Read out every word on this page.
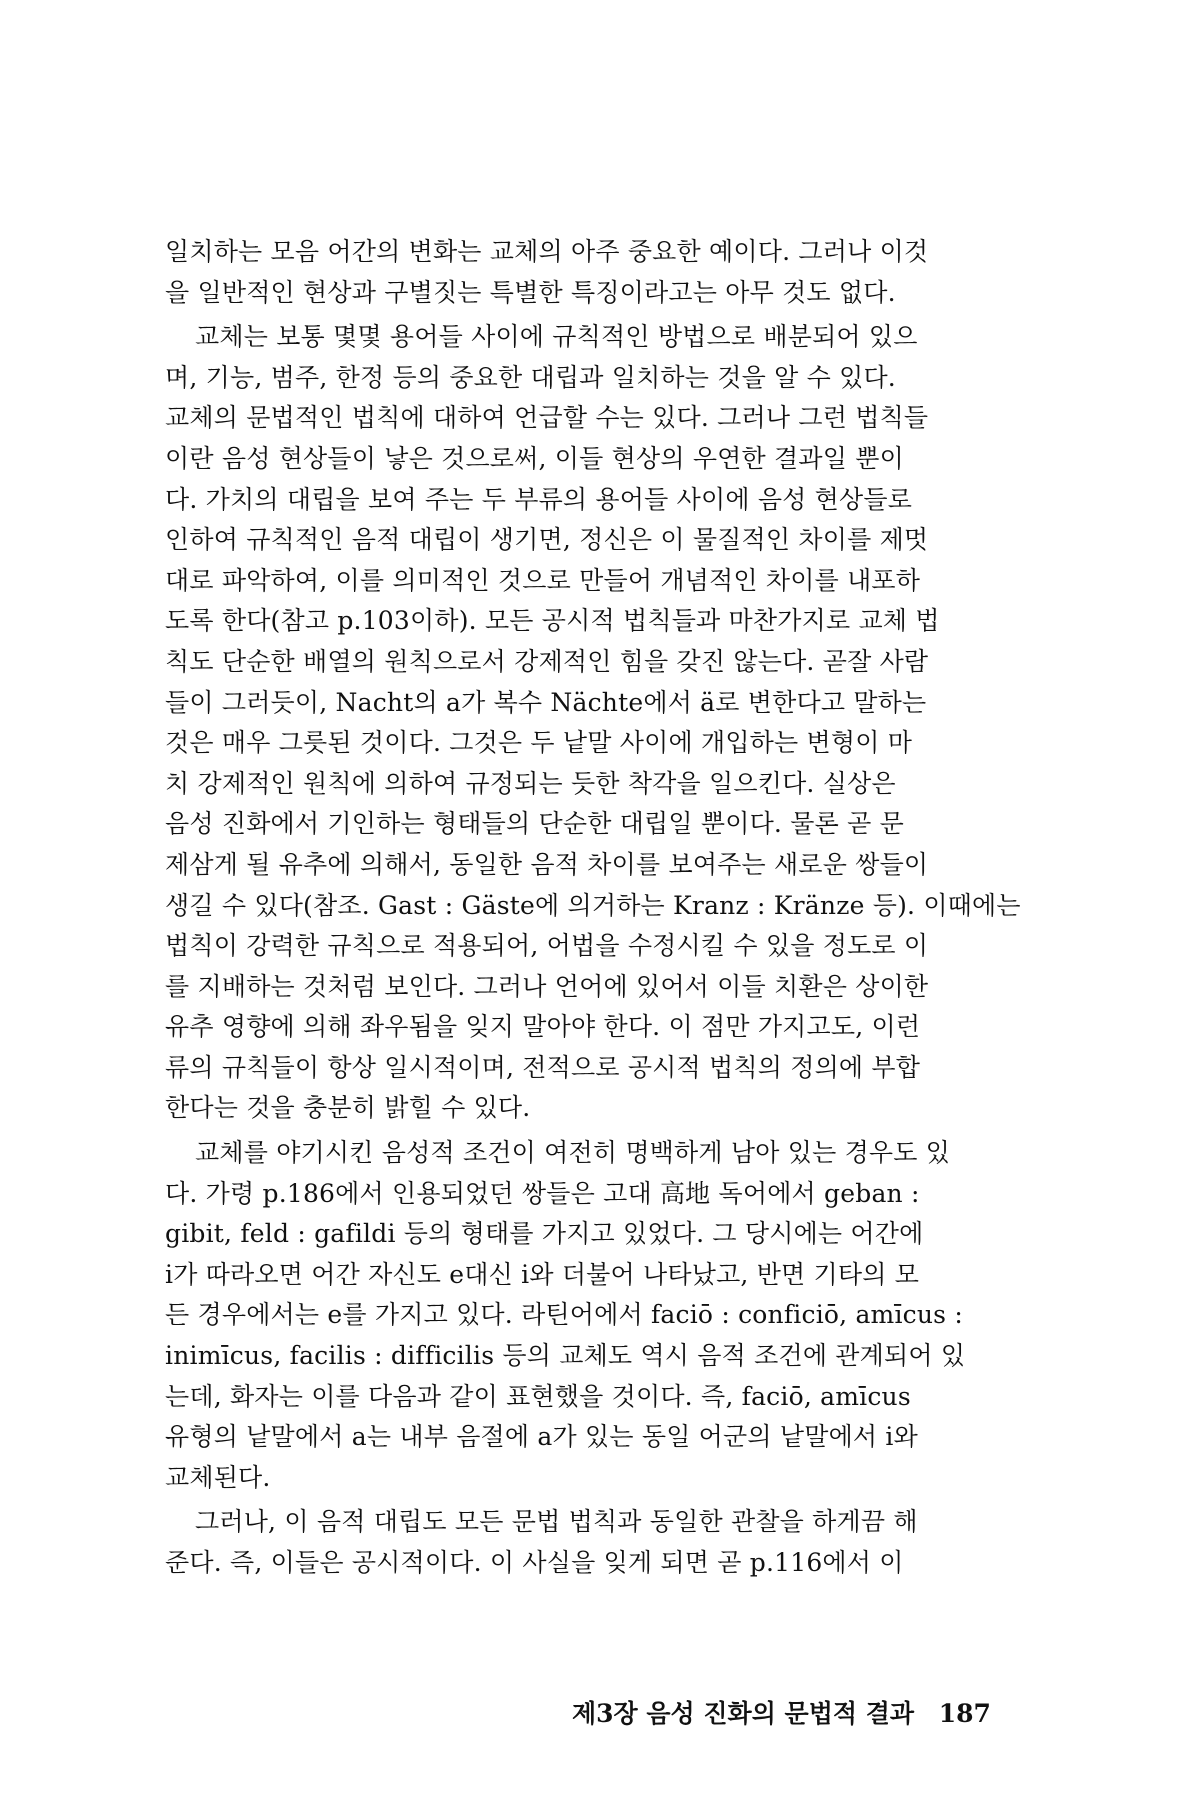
일치하는 모음 어간의 변화는 교체의 아주 중요한 예이다. 그러나 이것
을 일반적인 현상과 구별짓는 특별한 특징이라고는 아무 것도 없다.

교체는 보통 몇몇 용어들 사이에 규칙적인 방법으로 배분되어 있으
며, 기능, 범주, 한정 등의 중요한 대립과 일치하는 것을 알 수 있다.
교체의 문법적인 법칙에 대하여 언급할 수는 있다. 그러나 그런 법칙들
이란 음성 현상들이 낳은 것으로써, 이들 현상의 우연한 결과일 뿐이
다. 가치의 대립을 보여 주는 두 부류의 용어들 사이에 음성 현상들로
인하여 규칙적인 음적 대립이 생기면, 정신은 이 물질적인 차이를 제멋
대로 파악하여, 이를 의미적인 것으로 만들어 개념적인 차이를 내포하
도록 한다(참고 p.103이하). 모든 공시적 법칙들과 마찬가지로 교체 법
칙도 단순한 배열의 원칙으로서 강제적인 힘을 갖진 않는다. 곧잘 사람
들이 그러듯이, Nacht의 a가 복수 Nächte에서 ä로 변한다고 말하는
것은 매우 그릇된 것이다. 그것은 두 낱말 사이에 개입하는 변형이 마
치 강제적인 원칙에 의하여 규정되는 듯한 착각을 일으킨다. 실상은
음성 진화에서 기인하는 형태들의 단순한 대립일 뿐이다. 물론 곧 문
제삼게 될 유추에 의해서, 동일한 음적 차이를 보여주는 새로운 쌍들이
생길 수 있다(참조. Gast : Gäste에 의거하는 Kranz : Kränze 등). 이때에는
법칙이 강력한 규칙으로 적용되어, 어법을 수정시킬 수 있을 정도로 이
를 지배하는 것처럼 보인다. 그러나 언어에 있어서 이들 치환은 상이한
유추 영향에 의해 좌우됨을 잊지 말아야 한다. 이 점만 가지고도, 이런
류의 규칙들이 항상 일시적이며, 전적으로 공시적 법칙의 정의에 부합
한다는 것을 충분히 밝힐 수 있다.

교체를 야기시킨 음성적 조건이 여전히 명백하게 남아 있는 경우도 있
다. 가령 p.186에서 인용되었던 쌍들은 고대 高地 독어에서 geban :
gibit, feld : gafildi 등의 형태를 가지고 있었다. 그 당시에는 어간에
i가 따라오면 어간 자신도 e대신 i와 더불어 나타났고, 반면 기타의 모
든 경우에서는 e를 가지고 있다. 라틴어에서 faciō : conficiō, amīcus :
inimīcus, facilis : difficilis 등의 교체도 역시 음적 조건에 관계되어 있
는데, 화자는 이를 다음과 같이 표현했을 것이다. 즉, faciō, amīcus
유형의 낱말에서 a는 내부 음절에 a가 있는 동일 어군의 낱말에서 i와
교체된다.

그러나, 이 음적 대립도 모든 문법 법칙과 동일한 관찰을 하게끔 해
준다. 즉, 이들은 공시적이다. 이 사실을 잊게 되면 곧 p.116에서 이

제3장 음성 진화의 문법적 결과 187
